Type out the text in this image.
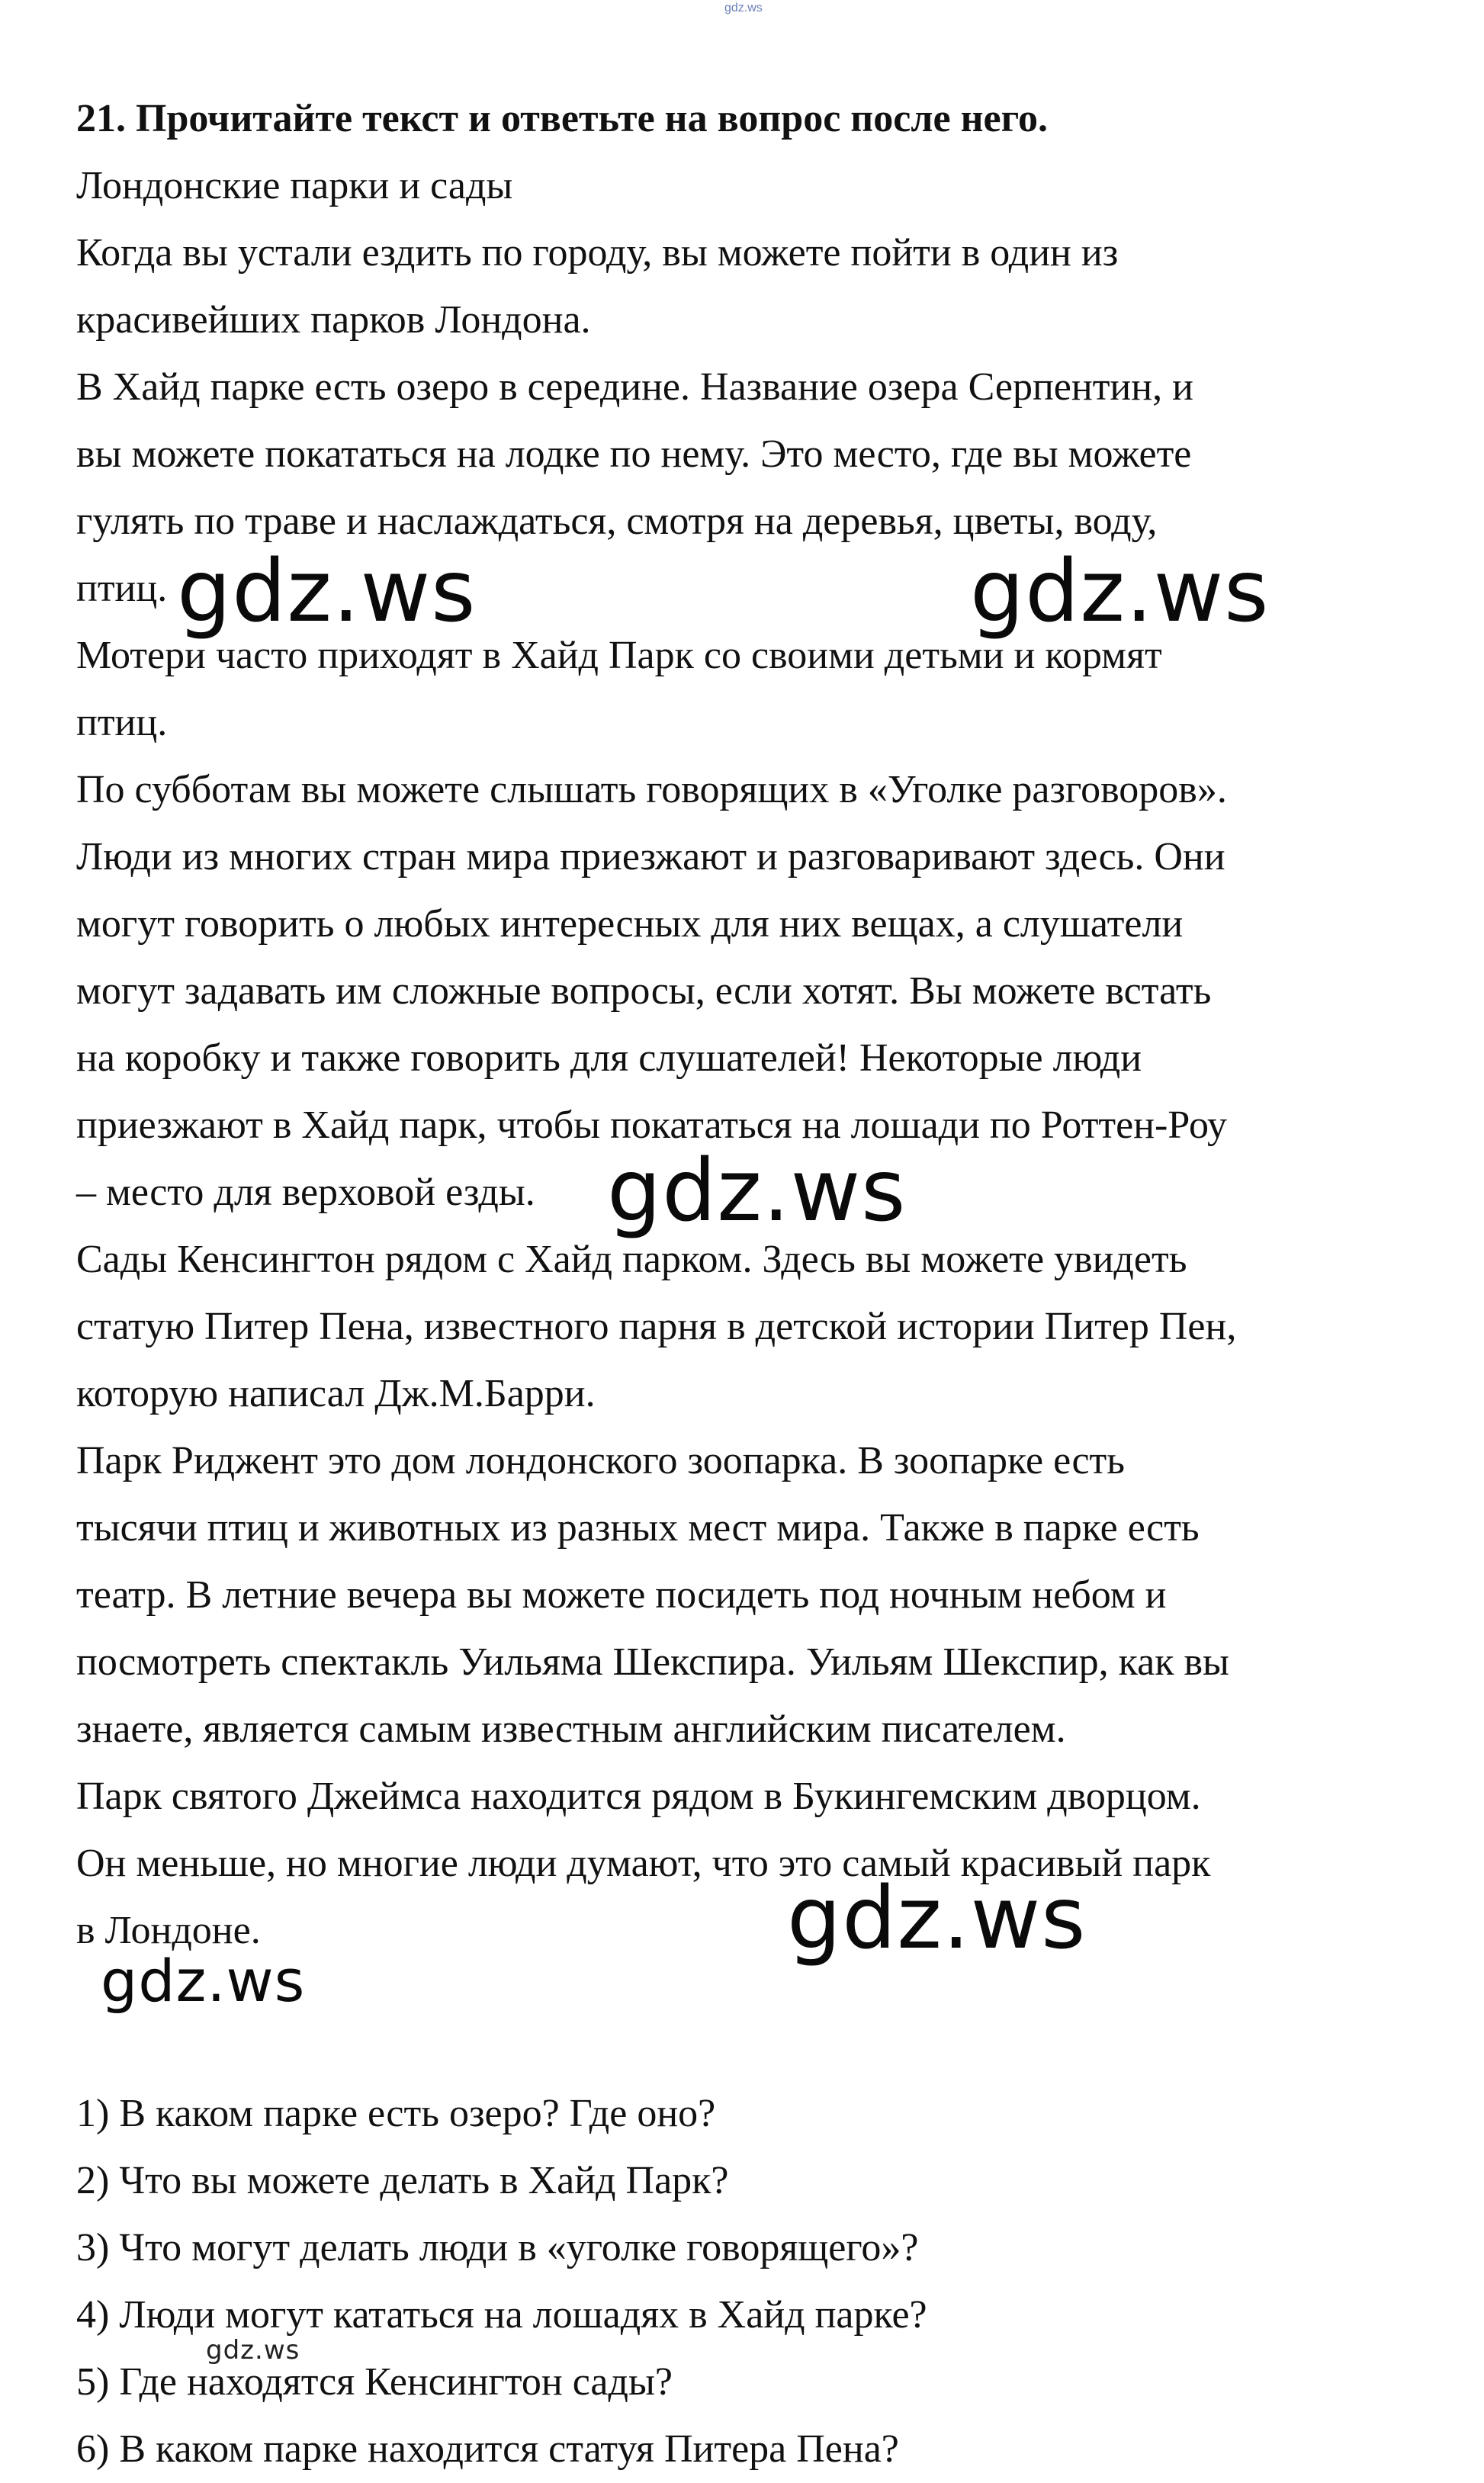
gdz.ws
21. Прочитайте текст и ответьте на вопрос после него.
Лондонские парки и сады
Когда вы устали ездить по городу, вы можете пойти в один из
красивейших парков Лондона.
В Хайд парке есть озеро в середине. Название озера Серпентин, и
вы можете покататься на лодке по нему. Это место, где вы можете
гулять по траве и наслаждаться, смотря на деревья, цветы, воду,
птиц.
Мотери часто приходят в Хайд Парк со своими детьми и кормят
птиц.
По субботам вы можете слышать говорящих в «Уголке разговоров».
Люди из многих стран мира приезжают и разговаривают здесь. Они
могут говорить о любых интересных для них вещах, а слушатели
могут задавать им сложные вопросы, если хотят. Вы можете встать
на коробку и также говорить для слушателей! Некоторые люди
приезжают в Хайд парк, чтобы покататься на лошади по Роттен-Роу
– место для верховой езды.
Сады Кенсингтон рядом с Хайд парком. Здесь вы можете увидеть
статую Питер Пена, известного парня в детской истории Питер Пен,
которую написал Дж.М.Барри.
Парк Риджент это дом лондонского зоопарка. В зоопарке есть
тысячи птиц и животных из разных мест мира. Также в парке есть
театр. В летние вечера вы можете посидеть под ночным небом и
посмотреть спектакль Уильяма Шекспира. Уильям Шекспир, как вы
знаете, является самым известным английским писателем.
Парк святого Джеймса находится рядом в Букингемским дворцом.
Он меньше, но многие люди думают, что это самый красивый парк
в Лондоне.
1) В каком парке есть озеро? Где оно?
2) Что вы можете делать в Хайд Парк?
3) Что могут делать люди в «уголке говорящего»?
4) Люди могут кататься на лошадях в Хайд парке?
5) Где находятся Кенсингтон сады?
6) В каком парке находится статуя Питера Пена?
gdz.ws	gdz.ws
gdz.ws
gdz.ws
gdz.ws
gdz.ws
